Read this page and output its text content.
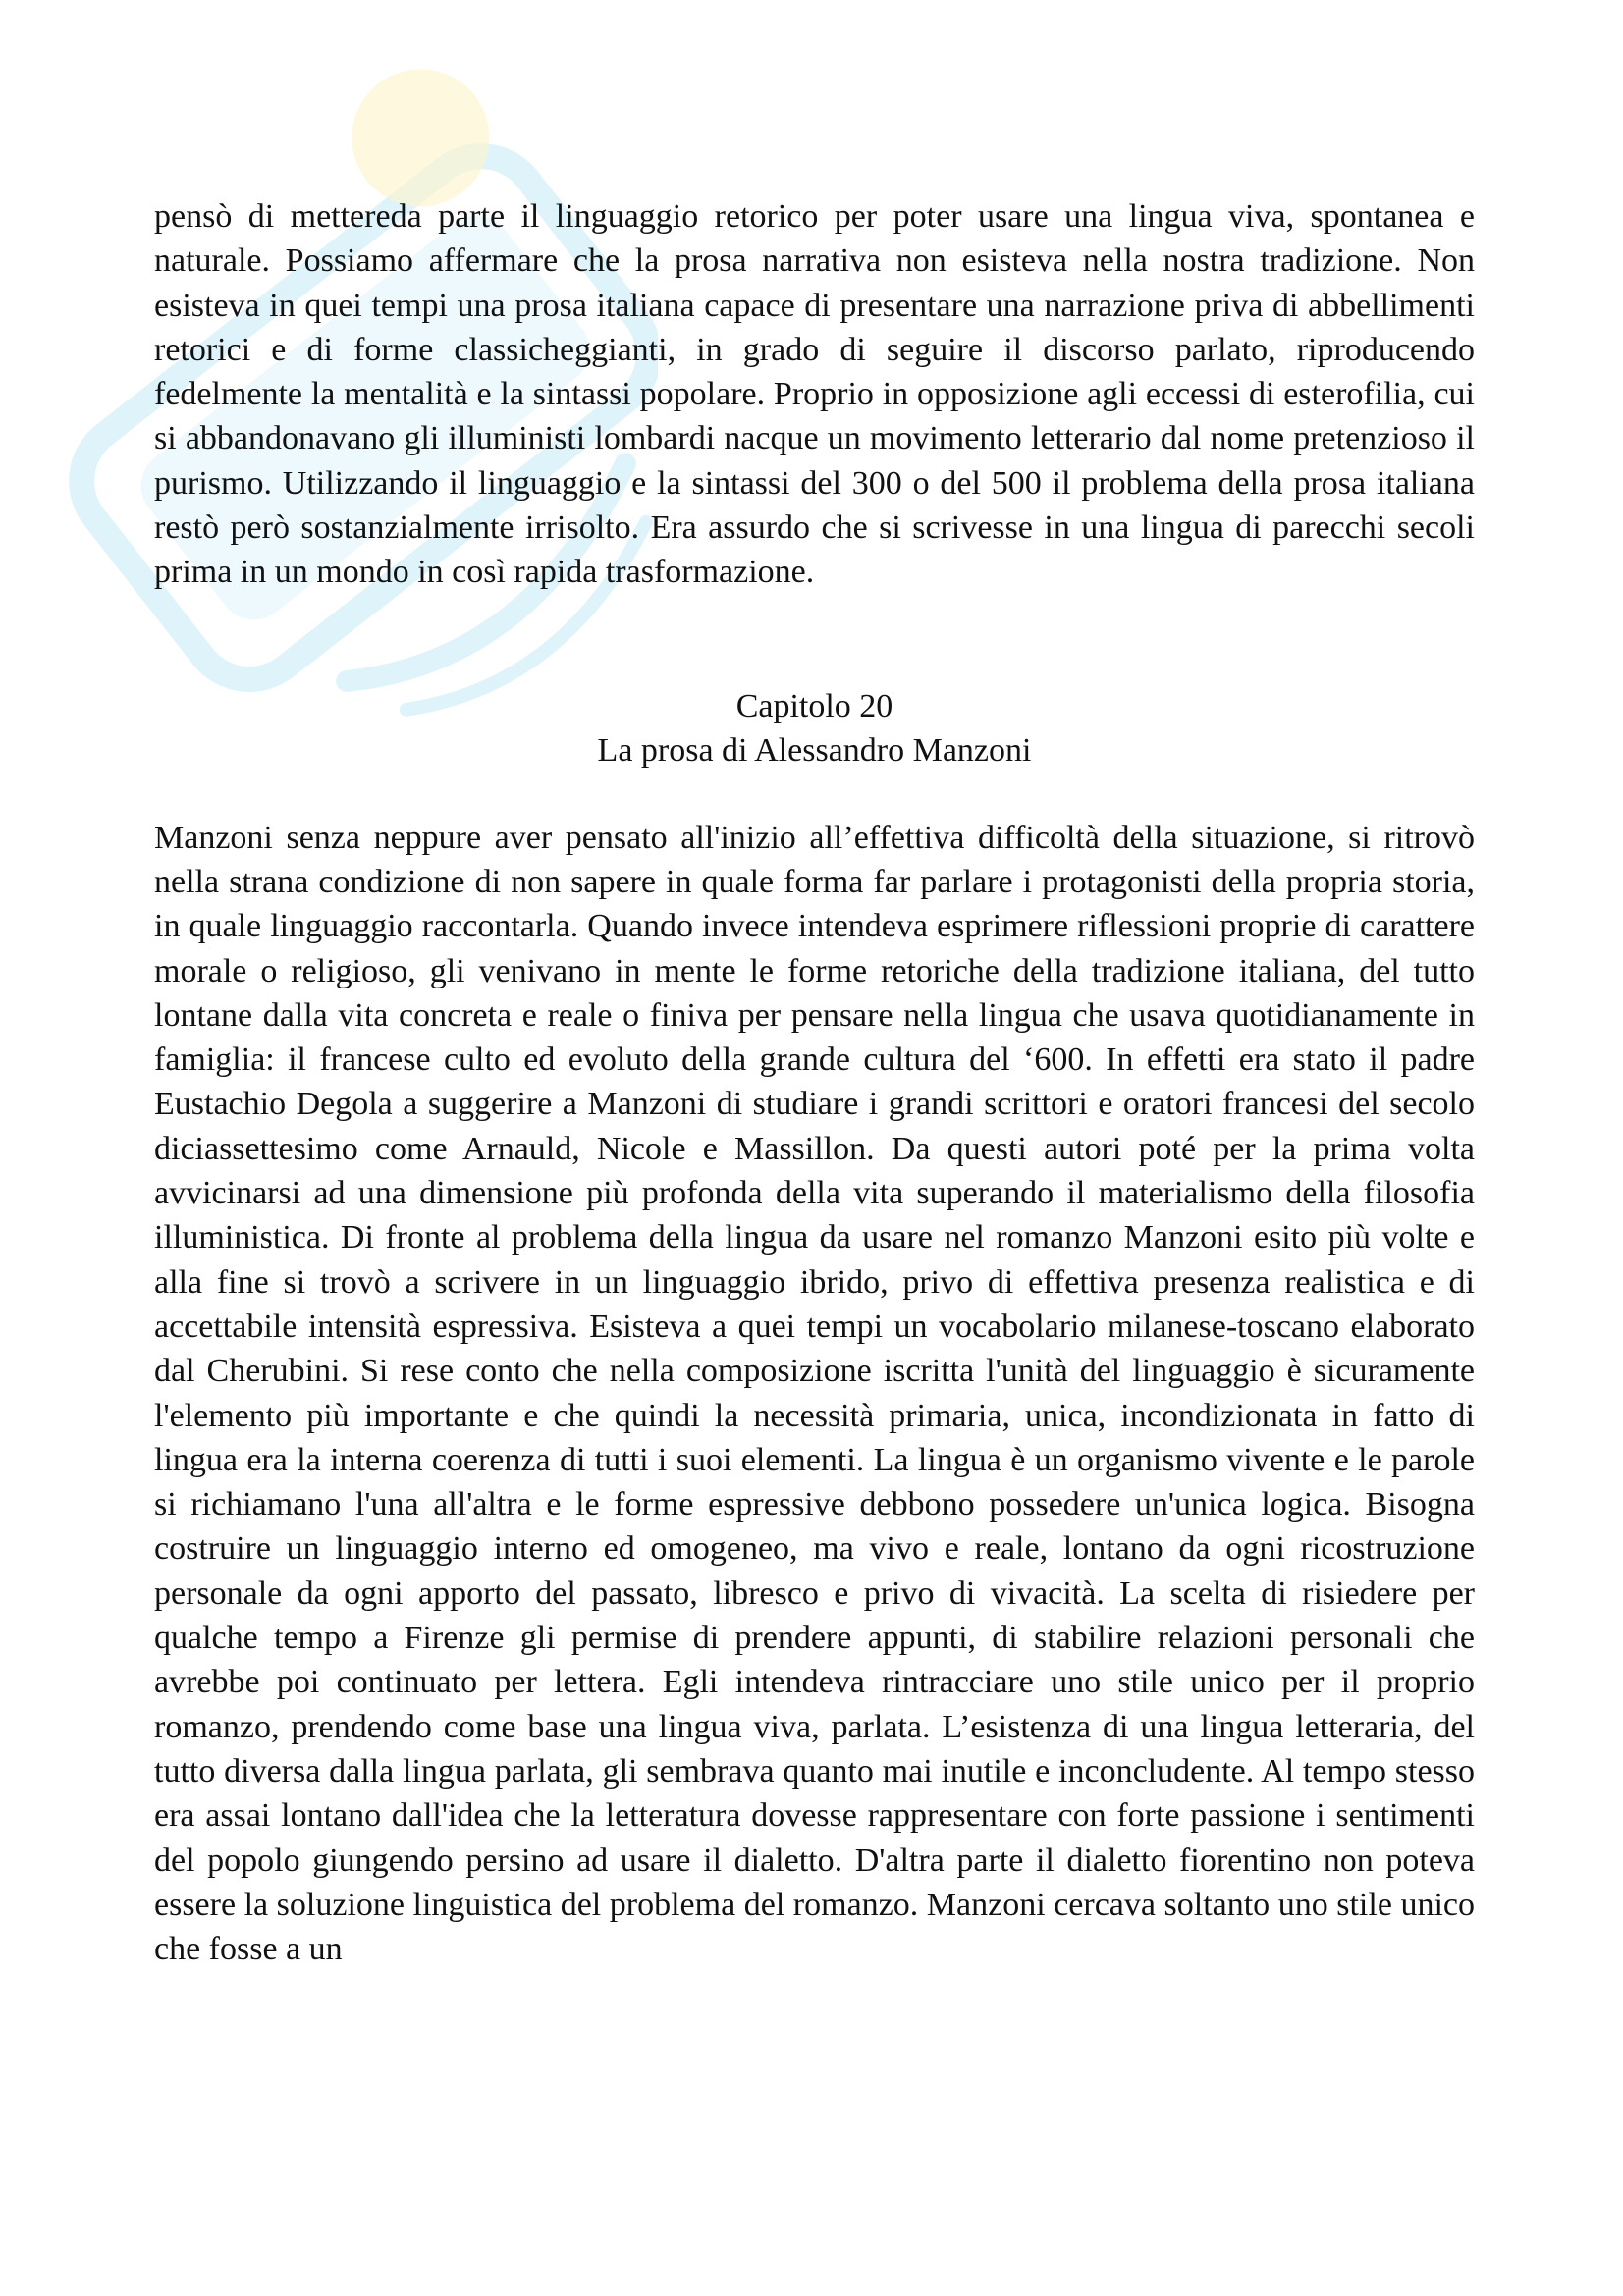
pensò di mettereda parte il linguaggio retorico per poter usare una lingua viva, spontanea e naturale. Possiamo affermare che la prosa narrativa non esisteva nella nostra tradizione. Non esisteva in quei tempi una prosa italiana capace di presentare una narrazione priva di abbellimenti retorici e di forme classicheggianti, in grado di seguire il discorso parlato, riproducendo fedelmente la mentalità e la sintassi popolare. Proprio in opposizione agli eccessi di esterofilia, cui si abbandonavano gli illuministi lombardi nacque un movimento letterario dal nome pretenzioso il purismo. Utilizzando il linguaggio e la sintassi del 300 o del 500 il problema della prosa italiana restò però sostanzialmente irrisolto. Era assurdo che si scrivesse in una lingua di parecchi secoli prima in un mondo in così rapida trasformazione.

Capitolo 20
La prosa di Alessandro Manzoni

Manzoni senza neppure aver pensato all'inizio all’effettiva difficoltà della situazione, si ritrovò nella strana condizione di non sapere in quale forma far parlare i protagonisti della propria storia, in quale linguaggio raccontarla. Quando invece intendeva esprimere riflessioni proprie di carattere morale o religioso, gli venivano in mente le forme retoriche della tradizione italiana, del tutto lontane dalla vita concreta e reale o finiva per pensare nella lingua che usava quotidianamente in famiglia: il francese culto ed evoluto della grande cultura del ‘600. In effetti era stato il padre Eustachio Degola a suggerire a Manzoni di studiare i grandi scrittori e oratori francesi del secolo diciassettesimo come Arnauld, Nicole e Massillon. Da questi autori poté per la prima volta avvicinarsi ad una dimensione più profonda della vita superando il materialismo della filosofia illuministica. Di fronte al problema della lingua da usare nel romanzo Manzoni esito più volte e alla fine si trovò a scrivere in un linguaggio ibrido, privo di effettiva presenza realistica e di accettabile intensità espressiva. Esisteva a quei tempi un vocabolario milanese-toscano elaborato dal Cherubini. Si rese conto che nella composizione iscritta l'unità del linguaggio è sicuramente l'elemento più importante e che quindi la necessità primaria, unica, incondizionata in fatto di lingua era la interna coerenza di tutti i suoi elementi. La lingua è un organismo vivente e le parole si richiamano l'una all'altra e le forme espressive debbono possedere un'unica logica. Bisogna costruire un linguaggio interno ed omogeneo, ma vivo e reale, lontano da ogni ricostruzione personale da ogni apporto del passato, libresco e privo di vivacità. La scelta di risiedere per qualche tempo a Firenze gli permise di prendere appunti, di stabilire relazioni personali che avrebbe poi continuato per lettera. Egli intendeva rintracciare uno stile unico per il proprio romanzo, prendendo come base una lingua viva, parlata. L’esistenza di una lingua letteraria, del tutto diversa dalla lingua parlata, gli sembrava quanto mai inutile e inconcludente. Al tempo stesso era assai lontano dall'idea che la letteratura dovesse rappresentare con forte passione i sentimenti del popolo giungendo persino ad usare il dialetto. D'altra parte il dialetto fiorentino non poteva essere la soluzione linguistica del problema del romanzo. Manzoni cercava soltanto uno stile unico che fosse a un
